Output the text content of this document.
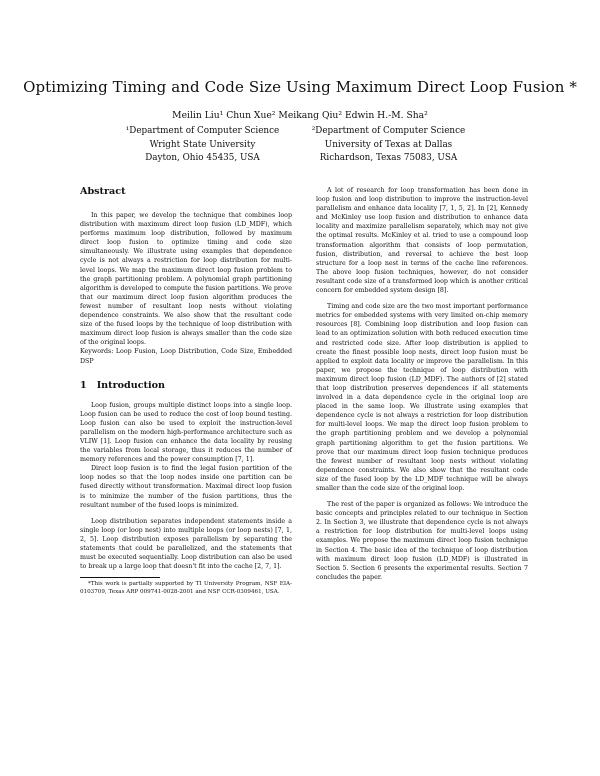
Optimizing Timing and Code Size Using Maximum Direct Loop Fusion *
Meilin Liu¹ Chun Xue² Meikang Qiu² Edwin H.-M. Sha²
¹Department of Computer Science
Wright State University
Dayton, Ohio 45435, USA
²Department of Computer Science
University of Texas at Dallas
Richardson, Texas 75083, USA
Abstract

In this paper, we develop the technique that combines loop distribution with maximum direct loop fusion (LD_MDF), which performs maximum loop distribution, followed by maximum direct loop fusion to optimize timing and code size simultaneously. We illustrate using examples that dependence cycle is not always a restriction for loop distribution for multi-level loops. We map the maximum direct loop fusion problem to the graph partitioning problem. A polynomial graph partitioning algorithm is developed to compute the fusion partitions. We prove that our maximum direct loop fusion algorithm produces the fewest number of resultant loop nests without violating dependence constraints. We also show that the resultant code size of the fused loops by the technique of loop distribution with maximum direct loop fusion is always smaller than the code size of the original loops.

Keywords: Loop Fusion, Loop Distribution, Code Size, Embedded DSP

1 Introduction

Loop fusion, groups multiple distinct loops into a single loop. Loop fusion can be used to reduce the cost of loop bound testing. Loop fusion can also be used to exploit the instruction-level parallelism on the modern high-performance architecture such as VLIW [1]. Loop fusion can enhance the data locality by reusing the variables from local storage, thus it reduces the number of memory references and the power consumption [7, 1].

Direct loop fusion is to find the legal fusion partition of the loop nodes so that the loop nodes inside one partition can be fused directly without transformation. Maximal direct loop fusion is to minimize the number of the fusion partitions, thus the resultant number of the fused loops is minimized.

Loop distribution separates independent statements inside a single loop (or loop nest) into multiple loops (or loop nests) [7, 1, 2, 5]. Loop distribution exposes parallelism by separating the statements that could be parallelized, and the statements that must be executed sequentially. Loop distribution can also be used to break up a large loop that doesn't fit into the cache [2, 7, 1].

*This work is partially supported by TI University Program, NSF EIA-0103709, Texas ARP 009741-0028-2001 and NSF CCR-0309461, USA.

A lot of research for loop transformation has been done in loop fusion and loop distribution to improve the instruction-level parallelism and enhance data locality [7, 1, 5, 2]. In [2], Kennedy and McKinley use loop fusion and distribution to enhance data locality and maximize parallelism separately, which may not give the optimal results. McKinley et al. tried to use a compound loop transformation algorithm that consists of loop permutation, fusion, distribution, and reversal to achieve the best loop structure for a loop nest in terms of the cache line references. The above loop fusion techniques, however, do not consider resultant code size of a transformed loop which is another critical concern for embedded system design [8].

Timing and code size are the two most important performance metrics for embedded systems with very limited on-chip memory resources [8]. Combining loop distribution and loop fusion can lead to an optimization solution with both reduced execution time and restricted code size. After loop distribution is applied to create the finest possible loop nests, direct loop fusion must be applied to exploit data locality or improve the parallelism. In this paper, we propose the technique of loop distribution with maximum direct loop fusion (LD_MDF). The authors of [2] stated that loop distribution preserves dependences if all statements involved in a data dependence cycle in the original loop are placed in the same loop. We illustrate using examples that dependence cycle is not always a restriction for loop distribution for multi-level loops. We map the direct loop fusion problem to the graph partitioning problem and we develop a polynomial graph partitioning algorithm to get the fusion partitions. We prove that our maximum direct loop fusion technique produces the fewest number of resultant loop nests without violating dependence constraints. We also show that the resultant code size of the fused loop by the LD_MDF technique will be always smaller than the code size of the original loop.

The rest of the paper is organized as follows: We introduce the basic concepts and principles related to our technique in Section 2. In Section 3, we illustrate that dependence cycle is not always a restriction for loop distribution for multi-level loops using examples. We propose the maximum direct loop fusion technique in Section 4. The basic idea of the technique of loop distribution with maximum direct loop fusion (LD_MDF) is illustrated in Section 5. Section 6 presents the experimental results. Section 7 concludes the paper.
